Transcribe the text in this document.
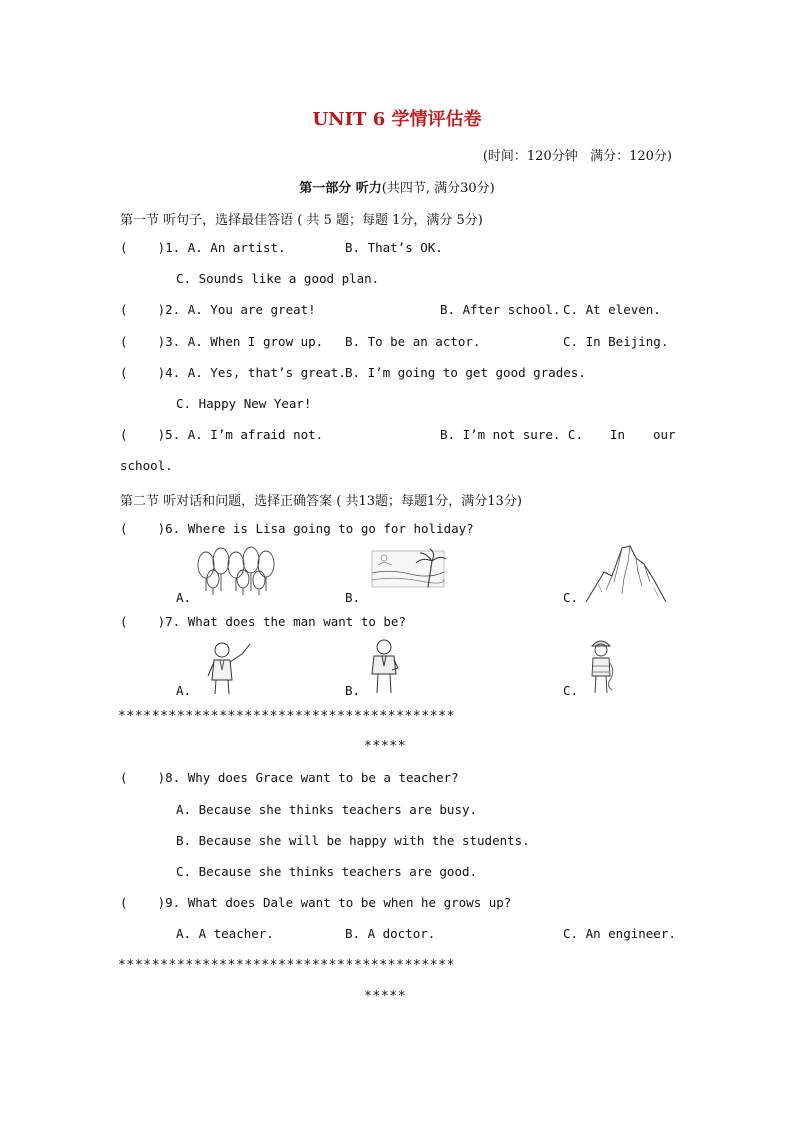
UNIT 6 学情评估卷
(时间：120分钟   满分：120分)
第一部分 听力(共四节, 满分30分)
第一节 听句子，选择最佳答语 ( 共 5 题；每题 1分，满分 5分)
(    )1. A. An artist.	B. That’s OK.
C. Sounds like a good plan.
(    )2. A. You are great!	B. After school. C. At eleven.
(    )3. A. When I grow up. B. To be an actor.	C. In Beijing.
(    )4. A. Yes, that’s great. B. I’m going to get good grades.
C. Happy New Year!
(    )5. A. I’m afraid not.	B. I’m not sure. C. In our
school.
第二节 听对话和问题，选择正确答案 ( 共13题；每题1分，满分13分)
(    )6. Where is Lisa going to go for holiday?
A.	B.	C.
(    )7. What does the man want to be?
A.	B.	C.
****************************************
*****
(    )8. Why does Grace want to be a teacher?
A. Because she thinks teachers are busy.
B. Because she will be happy with the students.
C. Because she thinks teachers are good.
(    )9. What does Dale want to be when he grows up?
A. A teacher.	B. A doctor.	C. An engineer.
****************************************
*****
